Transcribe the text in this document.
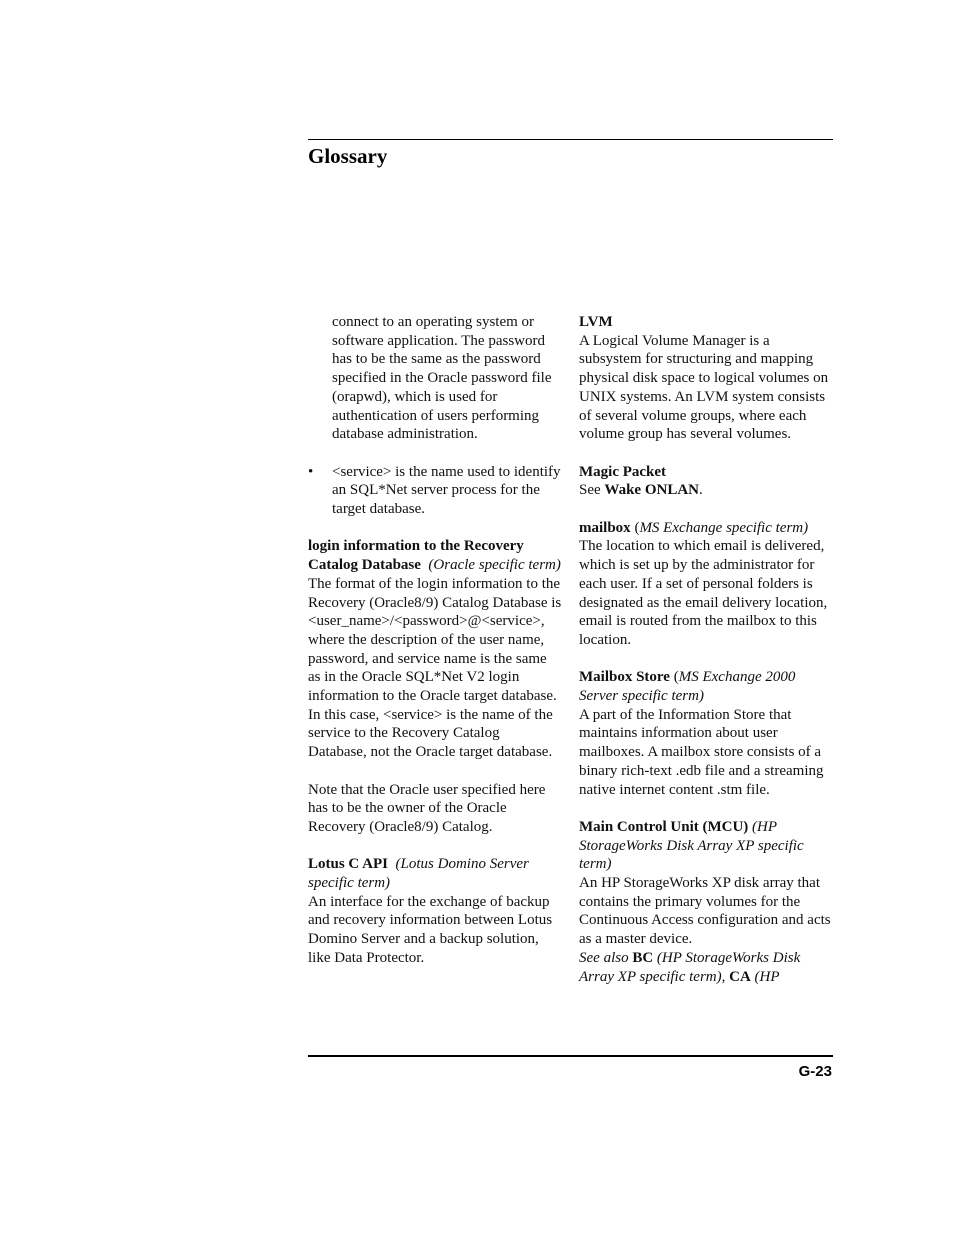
Glossary

connect to an operating system or software application. The password has to be the same as the password specified in the Oracle password file (orapwd), which is used for authentication of users performing database administration.

• <service> is the name used to identify an SQL*Net server process for the target database.

login information to the Recovery Catalog Database (Oracle specific term)
The format of the login information to the Recovery (Oracle8/9) Catalog Database is <user_name>/<password>@<service>, where the description of the user name, password, and service name is the same as in the Oracle SQL*Net V2 login information to the Oracle target database. In this case, <service> is the name of the service to the Recovery Catalog Database, not the Oracle target database.

Note that the Oracle user specified here has to be the owner of the Oracle Recovery (Oracle8/9) Catalog.

Lotus C API (Lotus Domino Server specific term)
An interface for the exchange of backup and recovery information between Lotus Domino Server and a backup solution, like Data Protector.

LVM
A Logical Volume Manager is a subsystem for structuring and mapping physical disk space to logical volumes on UNIX systems. An LVM system consists of several volume groups, where each volume group has several volumes.

Magic Packet
See Wake ONLAN.

mailbox (MS Exchange specific term)
The location to which email is delivered, which is set up by the administrator for each user. If a set of personal folders is designated as the email delivery location, email is routed from the mailbox to this location.

Mailbox Store (MS Exchange 2000 Server specific term)
A part of the Information Store that maintains information about user mailboxes. A mailbox store consists of a binary rich-text .edb file and a streaming native internet content .stm file.

Main Control Unit (MCU) (HP StorageWorks Disk Array XP specific term)
An HP StorageWorks XP disk array that contains the primary volumes for the Continuous Access configuration and acts as a master device.
See also BC (HP StorageWorks Disk Array XP specific term), CA (HP

G-23
